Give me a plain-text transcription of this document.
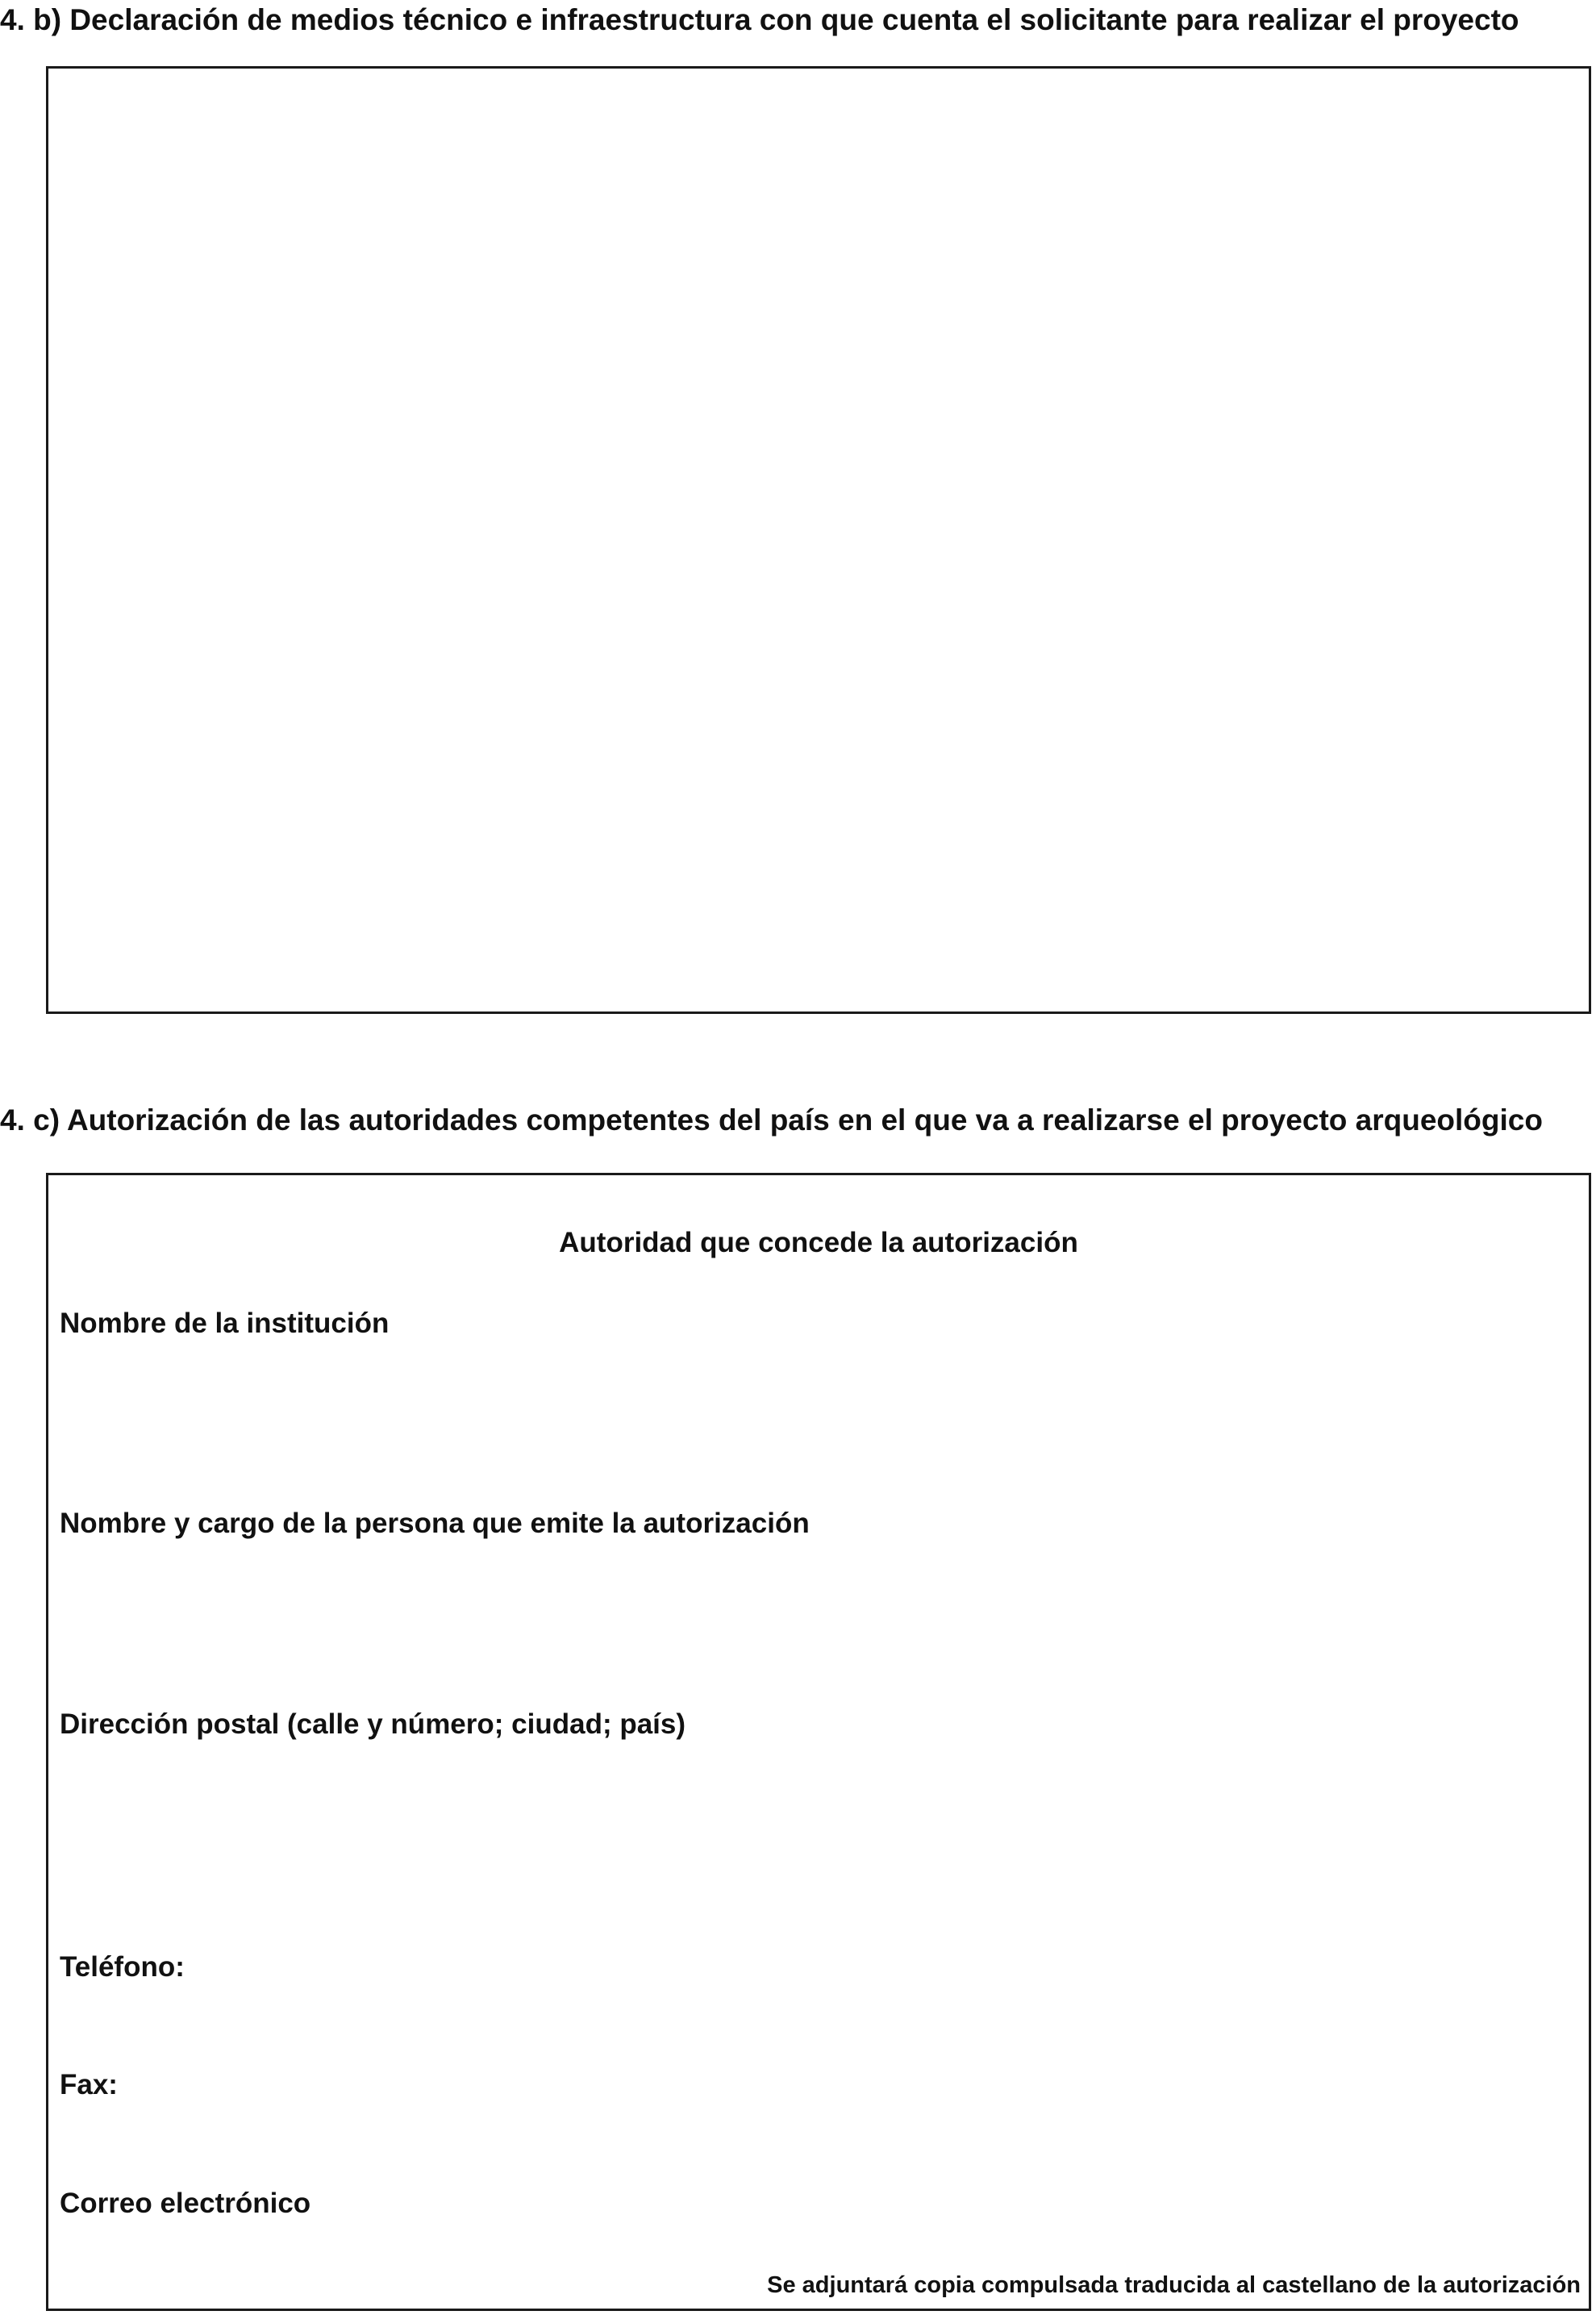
4. b) Declaración de medios técnico e infraestructura con que cuenta el solicitante para realizar el proyecto
4. c) Autorización de las autoridades competentes del país en el que va a realizarse el proyecto arqueológico
Autoridad que concede la autorización
Nombre de la institución
Nombre y cargo de la persona que emite la autorización
Dirección postal (calle y número; ciudad; país)
Teléfono:
Fax:
Correo electrónico
Se adjuntará copia compulsada traducida al castellano de la autorización
